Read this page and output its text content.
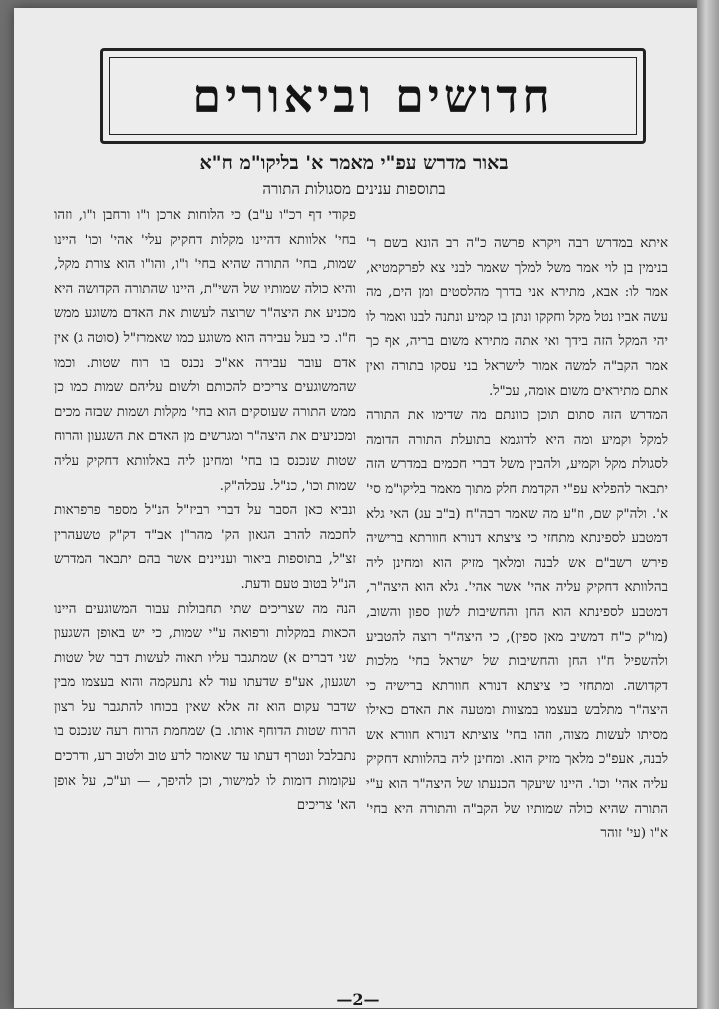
חדושים וביאורים
באור מדרש עפ"י מאמר א' בליקו"מ ח"א
בתוספות ענינים מסגולות התורה

איתא במדרש רבה ויקרא פרשה כ"ה רב הונא בשם ר' בנימין בן לוי אמר משל למלך שאמר לבני צא לפרקמטיא, אמר לו: אבא, מתירא אני בדרך מהלסטים ומן הים, מה עשה אביו נטל מקל וחקקו ונתן בו קמיע ונתנה לבנו ואמר לו יהי המקל הזה בידך ואי אתה מתירא משום בריה, אף כך אמר הקב"ה למשה אמור לישראל בני עסקו בתורה ואין אתם מתיראים משום אומה, עכ"ל.

המדרש הזה סתום תוכן כוונתם מה שדימו את התורה למקל וקמיע ומה היא לדוגמא בתועלת התורה הדומה לסגולת מקל וקמיע, ולהבין משל דברי חכמים במדרש הזה יתבאר להפליא עפ"י הקדמת חלק מתוך מאמר בליקו"מ סי' א'. ולה"ק שם, וז"ע מה שאמר רבה"ח (ב"ב עג) האי גלא דמטבע לספינתא מתחזי כי ציצתא דנורא חוורתא ברישיה פירש רשב"ם אש לבנה ומלאך מזיק הוא ומחינן ליה בהלוותא דחקיק עליה אהי' אשר אהי'. גלא הוא היצה"ר, דמטבע לספינתא הוא החן והחשיבות לשון ספון והשוב, (מו"ק כ"ח דמשיב מאן ספין), כי היצה"ר רוצה להטביע ולהשפיל ח"ו החן והחשיבות של ישראל בחי' מלכות דקדושה. ומתחזי כי ציצתא דנורא חוורתא ברישיה כי היצה"ר מתלבש בעצמו במצוות ומטעה את האדם כאילו מסיתו לעשות מצוה, וזהו בחי' צוציתא דנורא חוורא אש לבנה, אעפ"כ מלאך מזיק הוא. ומחינן ליה בהלוותא דחקיק עליה אהי' וכו'. היינו שיעקר הכנעתו של היצה"ר הוא ע"י התורה שהיא כולה שמותיו של הקב"ה והתורה היא בחי' א"ו (עי' זוהר

פקודי דף רכ"ו ע"ב) כי הלוחות ארכן ו"ו ורחבן ו"ו, וזהו בחי' אלוותא דהיינו מקלות דחקיק עלי' אהי' וכו' היינו שמות, בחי' התורה שהיא בחי' ו"ו, והו"ו הוא צורת מקל, והיא כולה שמותיו של השי"ת, היינו שהתורה הקדושה היא מכניע את היצה"ר שרוצה לעשות את האדם משוגע ממש ח"ו. כי בעל עבירה הוא משוגע כמו שאמרז"ל (סוטה ג) אין אדם עובר עבירה אא"כ נכנס בו רוח שטות. וכמו שהמשוגעים צריכים להכותם ולשום עליהם שמות כמו כן ממש התורה שעוסקים הוא בחי' מקלות ושמות שבזה מכים ומכניעים את היצה"ר ומגרשים מן האדם את השגעון והרוח שטות שנכנס בו בחי' ומחינן ליה באלוותא דחקיק עליה שמות וכו', כנ"ל. עכלה"ק.

ונביא כאן הסבר על דברי רביז"ל הנ"ל מספר פרפראות לחכמה להרב הגאון הק' מהר"ן אב"ד דק"ק טשעהרין זצ"ל, בתוספות ביאור ועניינים אשר בהם יתבאר המדרש הנ"ל בטוב טעם ודעת.

הנה מה שצריכים שתי תחבולות עבור המשוגעים היינו הכאות במקלות ורפואה ע"י שמות, כי יש באופן השגעון שני דברים א) שמתגבר עליו תאוה לעשות דבר של שטות ושגעון, אע"פ שדעתו עוד לא נתעקמה והוא בעצמו מבין שדבר עקום הוא זה אלא שאין בכוחו להתגבר על רצון הרוח שטות הדוחף אותו. ב) שמחמת הרוח רעה שנכנס בו נתבלבל ונטרף דעתו עד שאומר לרע טוב ולטוב רע, ודרכים עקומות דומות לו למישור, וכן להיפך, — וע"כ, על אופן הא' צריכים

—2—
